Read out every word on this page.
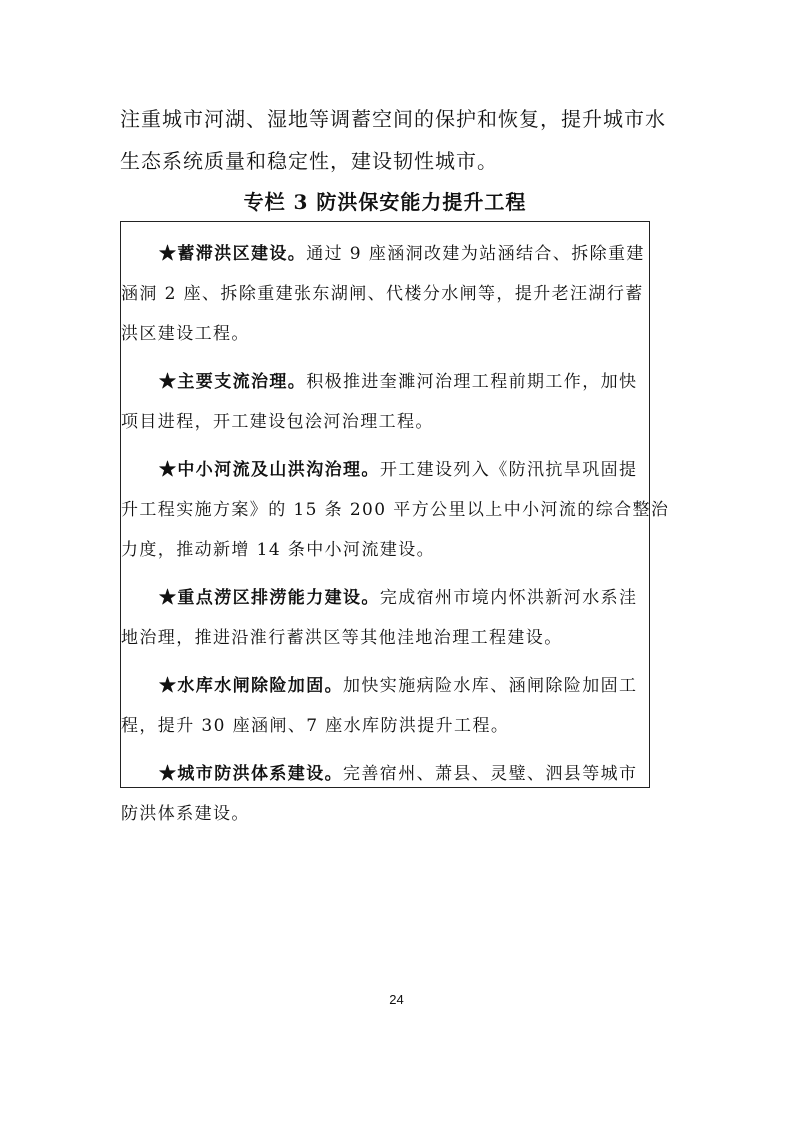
注重城市河湖、湿地等调蓄空间的保护和恢复，提升城市水

生态系统质量和稳定性，建设韧性城市。

专栏 3 防洪保安能力提升工程
★蓄滞洪区建设。通过 9 座涵洞改建为站涵结合、拆除重建
涵洞 2 座、拆除重建张东湖闸、代楼分水闸等，提升老汪湖行蓄
洪区建设工程。
★主要支流治理。积极推进奎濉河治理工程前期工作，加快
项目进程，开工建设包浍河治理工程。
★中小河流及山洪沟治理。开工建设列入《防汛抗旱巩固提
升工程实施方案》的 15 条 200 平方公里以上中小河流的综合整治
力度，推动新增 14 条中小河流建设。
★重点涝区排涝能力建设。完成宿州市境内怀洪新河水系洼
地治理，推进沿淮行蓄洪区等其他洼地治理工程建设。
★水库水闸除险加固。加快实施病险水库、涵闸除险加固工
程，提升 30 座涵闸、7 座水库防洪提升工程。
★城市防洪体系建设。完善宿州、萧县、灵璧、泗县等城市
防洪体系建设。
24
